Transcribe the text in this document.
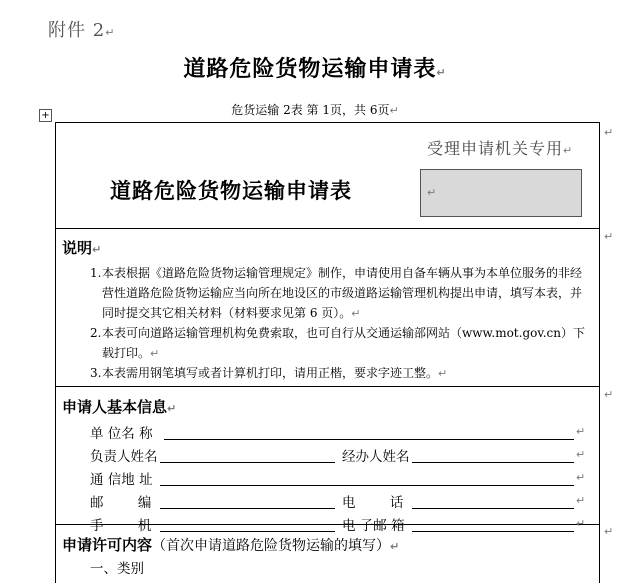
附件 2↵
道路危险货物运输申请表↵
危货运输 2表 第 1页，共 6页↵
+
受理申请机关专用↵
↵
道路危险货物运输申请表
说明↵
1. 本表根据《道路危险货物运输管理规定》制作，申请使用自备车辆从事为本单位服务的非经营性道路危险货物运输应当向所在地设区的市级道路运输管理机构提出申请，填写本表，并同时提交其它相关材料（材料要求见第 6 页）。↵
2. 本表可向道路运输管理机构免费索取，也可自行从交通运输部网站（www.mot.gov.cn）下载打印。↵
3. 本表需用钢笔填写或者计算机打印，请用正楷，要求字迹工整。↵
申请人基本信息↵
单 位名 称	↵
负责人姓名	经办人姓名	↵
通 信地 址	↵
邮        编	电        话	↵
手        机	电 子邮 箱	↵
申请许可内容（首次申请道路危险货物运输的填写）↵
一、类别
↵
↵
↵
↵
